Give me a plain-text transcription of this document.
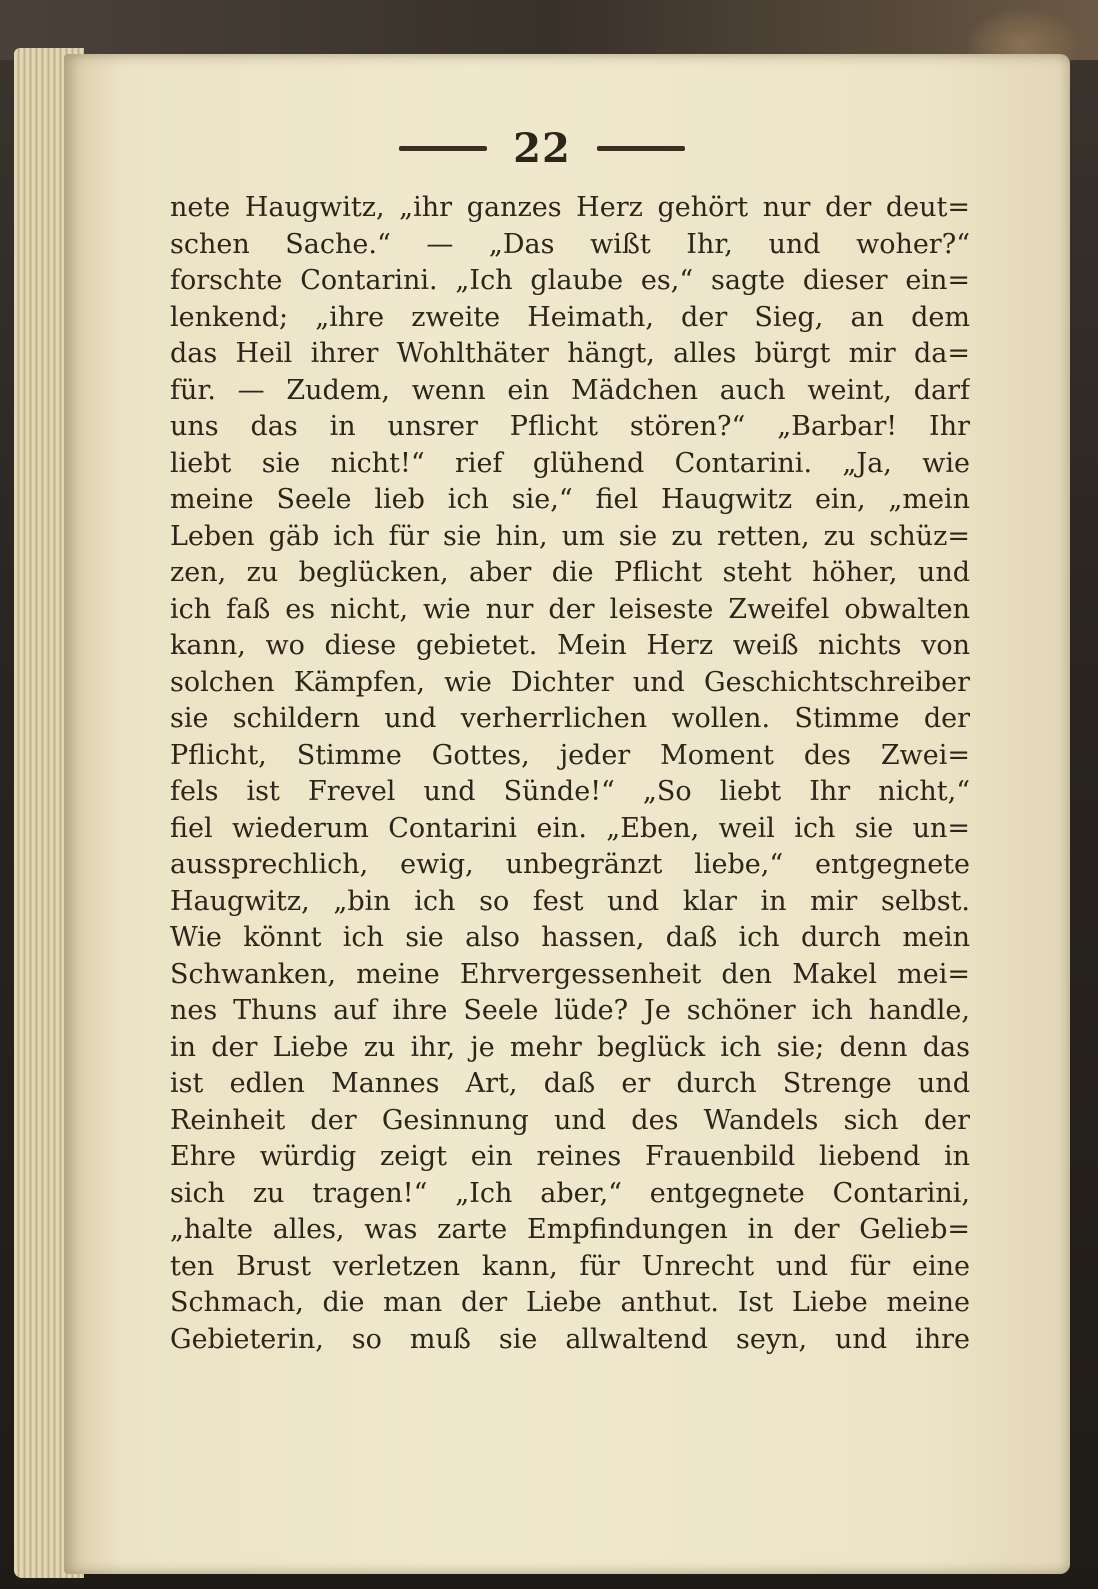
22
nete Haugwitz, „ihr ganzes Herz gehört nur der deut=
schen Sache.“ — „Das wißt Ihr, und woher?“
forschte Contarini. „Ich glaube es,“ sagte dieser ein=
lenkend; „ihre zweite Heimath, der Sieg, an dem
das Heil ihrer Wohlthäter hängt, alles bürgt mir da=
für. — Zudem, wenn ein Mädchen auch weint, darf
uns das in unsrer Pflicht stören?“ „Barbar! Ihr
liebt sie nicht!“ rief glühend Contarini. „Ja, wie
meine Seele lieb ich sie,“ fiel Haugwitz ein, „mein
Leben gäb ich für sie hin, um sie zu retten, zu schüz=
zen, zu beglücken, aber die Pflicht steht höher, und
ich faß es nicht, wie nur der leiseste Zweifel obwalten
kann, wo diese gebietet. Mein Herz weiß nichts von
solchen Kämpfen, wie Dichter und Geschichtschreiber
sie schildern und verherrlichen wollen. Stimme der
Pflicht, Stimme Gottes, jeder Moment des Zwei=
fels ist Frevel und Sünde!“ „So liebt Ihr nicht,“
fiel wiederum Contarini ein. „Eben, weil ich sie un=
aussprechlich, ewig, unbegränzt liebe,“ entgegnete
Haugwitz, „bin ich so fest und klar in mir selbst.
Wie könnt ich sie also hassen, daß ich durch mein
Schwanken, meine Ehrvergessenheit den Makel mei=
nes Thuns auf ihre Seele lüde? Je schöner ich handle,
in der Liebe zu ihr, je mehr beglück ich sie; denn das
ist edlen Mannes Art, daß er durch Strenge und
Reinheit der Gesinnung und des Wandels sich der
Ehre würdig zeigt ein reines Frauenbild liebend in
sich zu tragen!“ „Ich aber,“ entgegnete Contarini,
„halte alles, was zarte Empfindungen in der Gelieb=
ten Brust verletzen kann, für Unrecht und für eine
Schmach, die man der Liebe anthut. Ist Liebe meine
Gebieterin, so muß sie allwaltend seyn, und ihre
